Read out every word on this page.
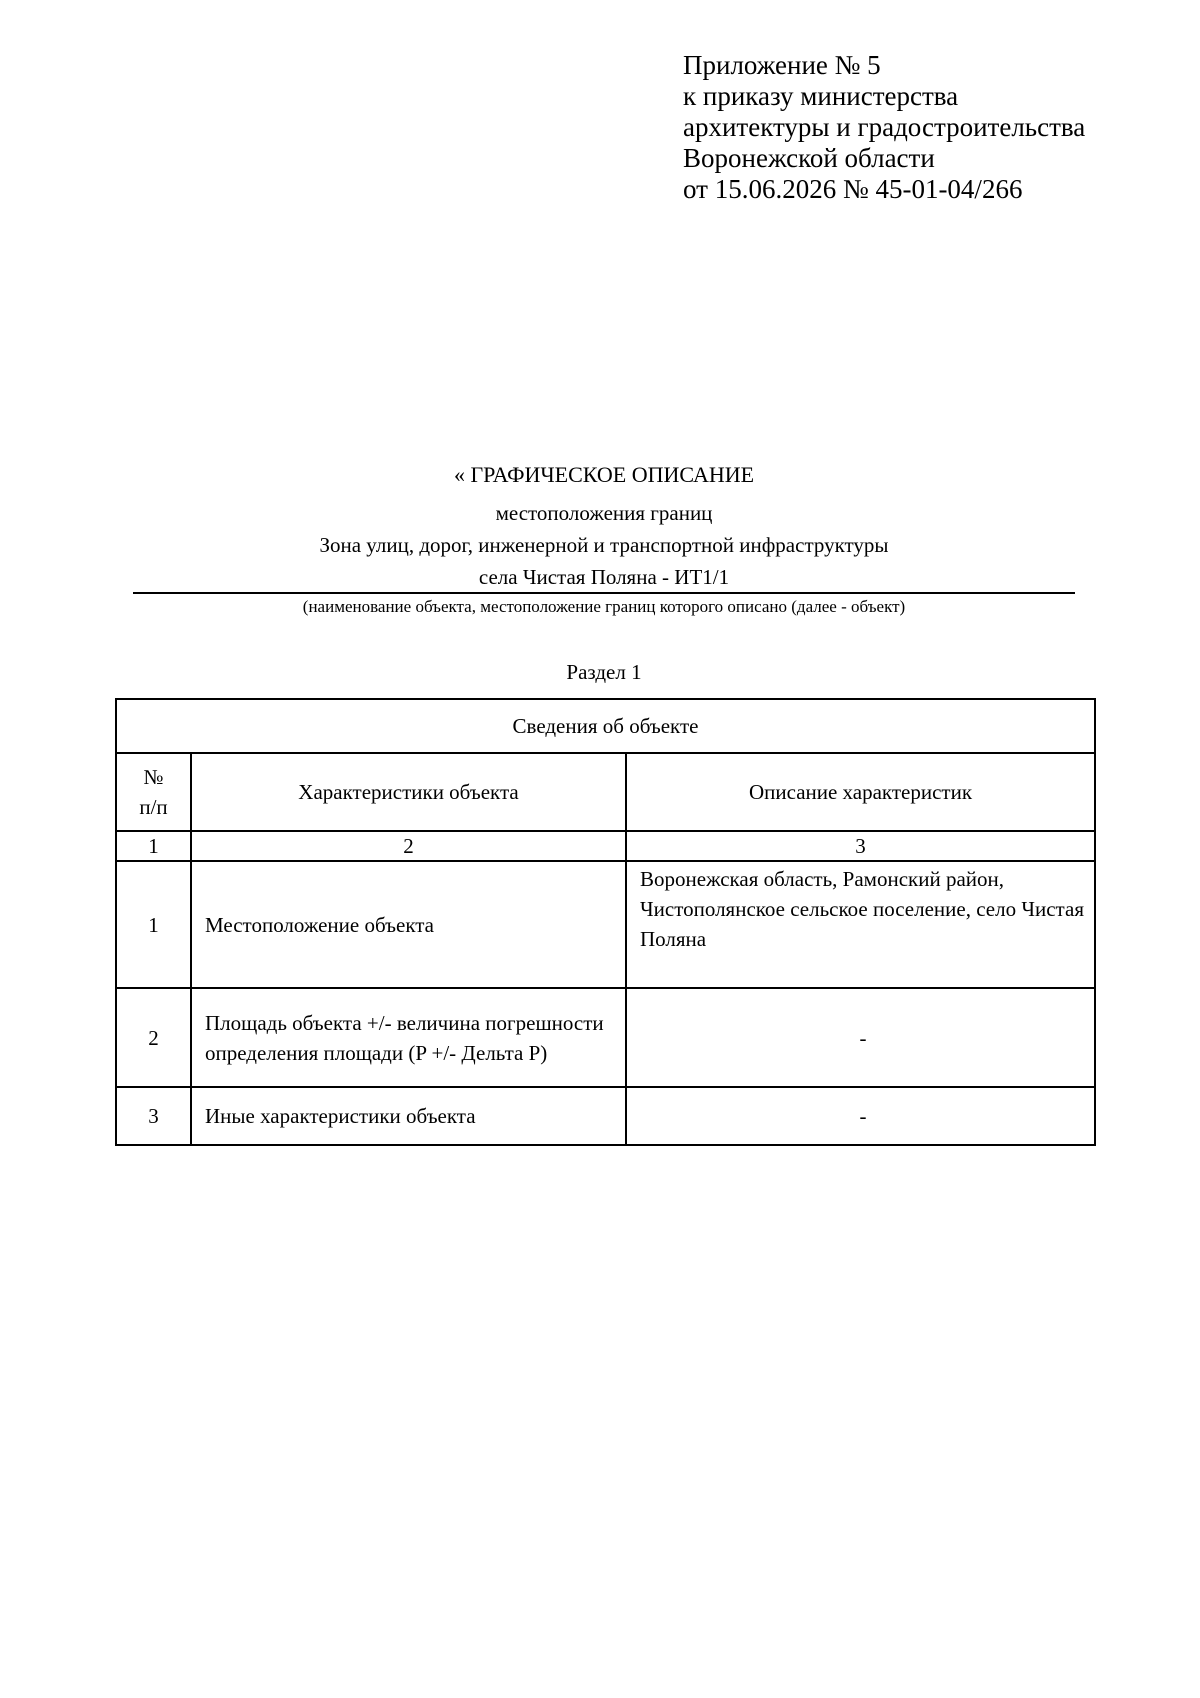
Приложение № 5
к приказу министерства
архитектуры и градостроительства
Воронежской области
от 15.06.2026 № 45-01-04/266
« ГРАФИЧЕСКОЕ ОПИСАНИЕ
местоположения границ
Зона улиц, дорог, инженерной и транспортной инфраструктуры
села Чистая Поляна - ИТ1/1
(наименование объекта, местоположение границ которого описано (далее - объект)
Раздел 1
Сведения об объекте		

№
п/п	Характеристики объекта	Описание характеристик
1	2	3
1	Местоположение объекта	Воронежская область, Рамонский район, Чистополянское сельское поселение, село Чистая Поляна
2	Площадь объекта +/- величина погрешности определения площади (P +/- Дельта P)	-
3	Иные характеристики объекта	-
